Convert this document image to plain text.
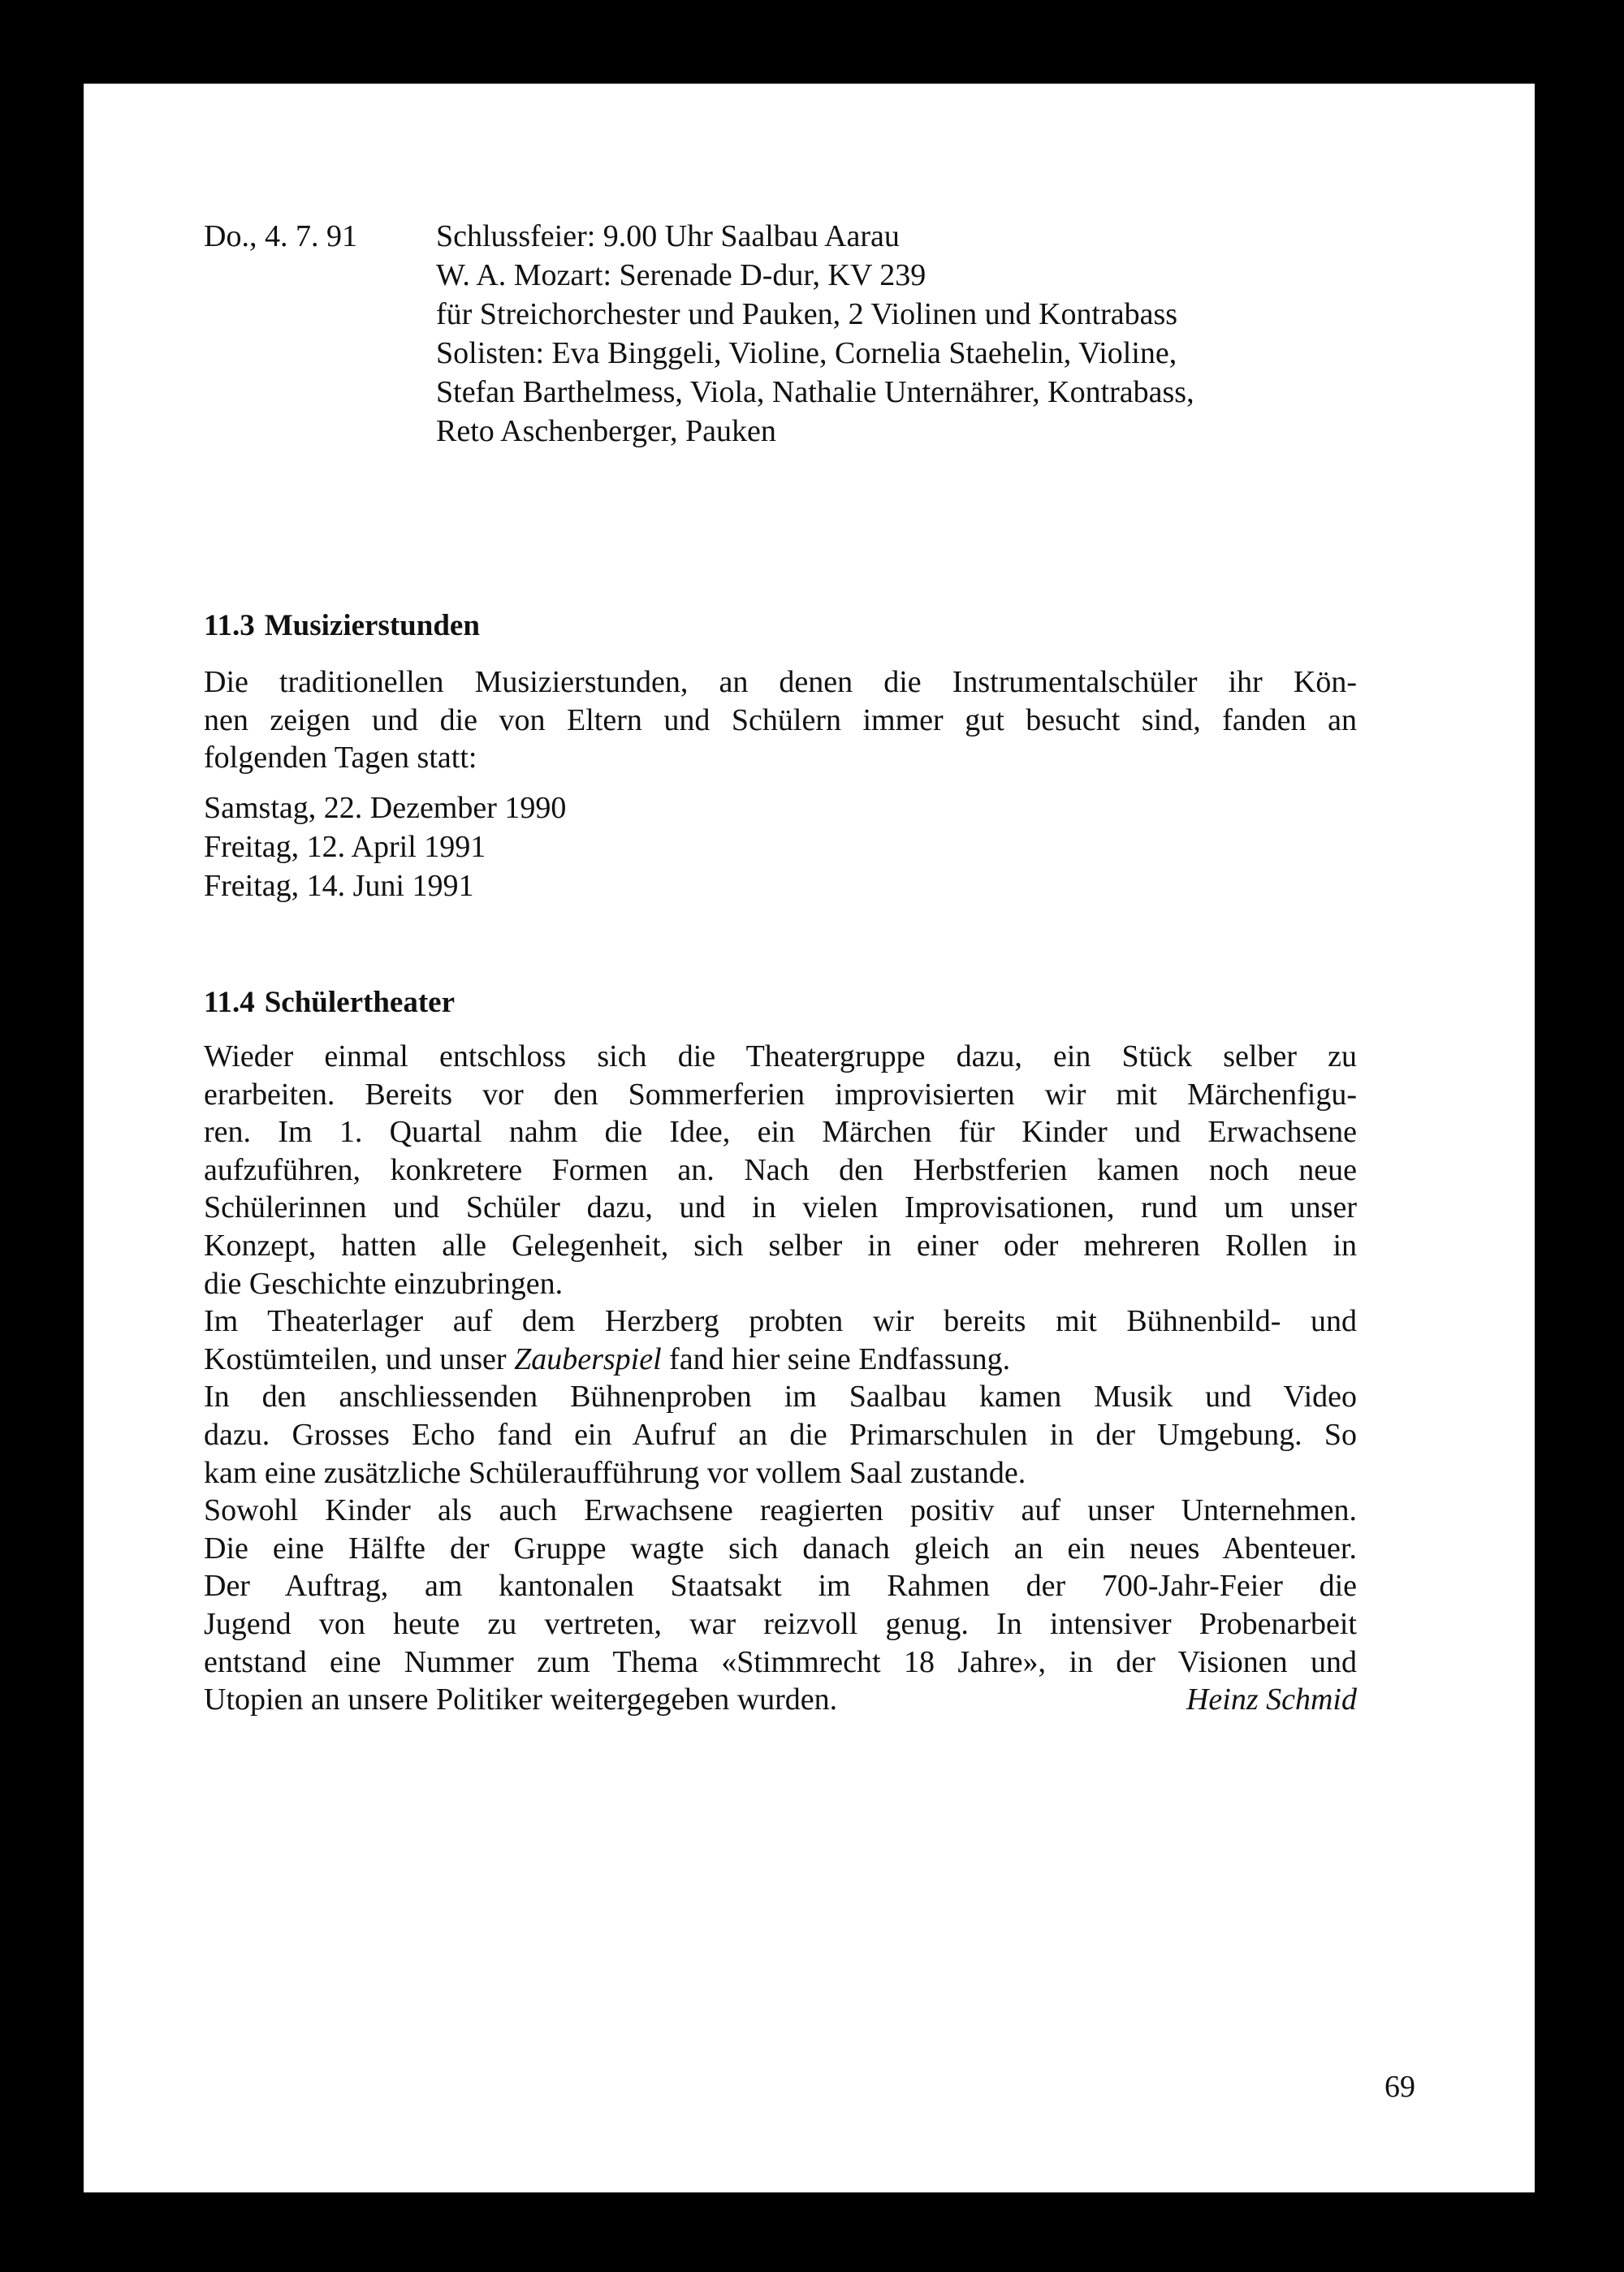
Do., 4. 7. 91	Schlussfeier: 9.00 Uhr Saalbau Aarau
W. A. Mozart: Serenade D-dur, KV 239
für Streichorchester und Pauken, 2 Violinen und Kontrabass
Solisten: Eva Binggeli, Violine, Cornelia Staehelin, Violine,
Stefan Barthelmess, Viola, Nathalie Unternährer, Kontrabass,
Reto Aschenberger, Pauken
11.3 Musizierstunden
Die traditionellen Musizierstunden, an denen die Instrumentalschüler ihr Kön-
nen zeigen und die von Eltern und Schülern immer gut besucht sind, fanden an
folgenden Tagen statt:
Samstag, 22. Dezember 1990
Freitag, 12. April 1991
Freitag, 14. Juni 1991
11.4 Schülertheater
Wieder einmal entschloss sich die Theatergruppe dazu, ein Stück selber zu
erarbeiten. Bereits vor den Sommerferien improvisierten wir mit Märchenfigu-
ren. Im 1. Quartal nahm die Idee, ein Märchen für Kinder und Erwachsene
aufzuführen, konkretere Formen an. Nach den Herbstferien kamen noch neue
Schülerinnen und Schüler dazu, und in vielen Improvisationen, rund um unser
Konzept, hatten alle Gelegenheit, sich selber in einer oder mehreren Rollen in
die Geschichte einzubringen.
Im Theaterlager auf dem Herzberg probten wir bereits mit Bühnenbild- und
Kostümteilen, und unser Zauberspiel fand hier seine Endfassung.
In den anschliessenden Bühnenproben im Saalbau kamen Musik und Video
dazu. Grosses Echo fand ein Aufruf an die Primarschulen in der Umgebung. So
kam eine zusätzliche Schüleraufführung vor vollem Saal zustande.
Sowohl Kinder als auch Erwachsene reagierten positiv auf unser Unternehmen.
Die eine Hälfte der Gruppe wagte sich danach gleich an ein neues Abenteuer.
Der Auftrag, am kantonalen Staatsakt im Rahmen der 700-Jahr-Feier die
Jugend von heute zu vertreten, war reizvoll genug. In intensiver Probenarbeit
entstand eine Nummer zum Thema «Stimmrecht 18 Jahre», in der Visionen und
Utopien an unsere Politiker weitergegeben wurden.	Heinz Schmid
69
